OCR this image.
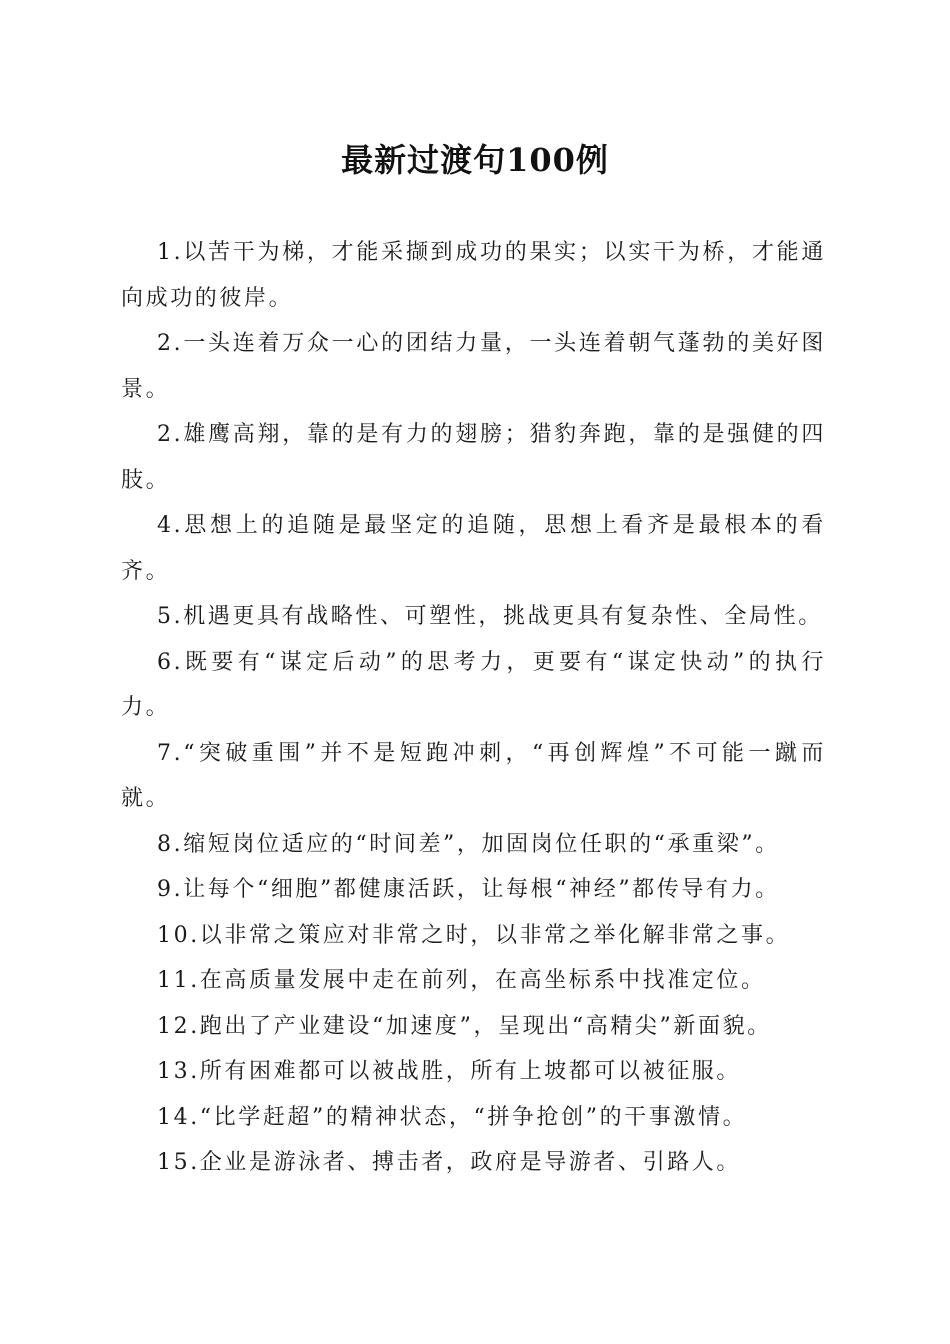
最新过渡句100例

1.以苦干为梯，才能采撷到成功的果实；以实干为桥，才能通向成功的彼岸。

2.一头连着万众一心的团结力量，一头连着朝气蓬勃的美好图景。

2.雄鹰高翔，靠的是有力的翅膀；猎豹奔跑，靠的是强健的四肢。

4.思想上的追随是最坚定的追随，思想上看齐是最根本的看齐。

5.机遇更具有战略性、可塑性，挑战更具有复杂性、全局性。

6.既要有“谋定后动”的思考力，更要有“谋定快动”的执行力。

7.“突破重围”并不是短跑冲刺，“再创辉煌”不可能一蹴而就。

8.缩短岗位适应的“时间差”，加固岗位任职的“承重梁”。

9.让每个“细胞”都健康活跃，让每根“神经”都传导有力。

10.以非常之策应对非常之时，以非常之举化解非常之事。

11.在高质量发展中走在前列，在高坐标系中找准定位。

12.跑出了产业建设“加速度”，呈现出“高精尖”新面貌。

13.所有困难都可以被战胜，所有上坡都可以被征服。

14.“比学赶超”的精神状态，“拼争抢创”的干事激情。

15.企业是游泳者、搏击者，政府是导游者、引路人。
